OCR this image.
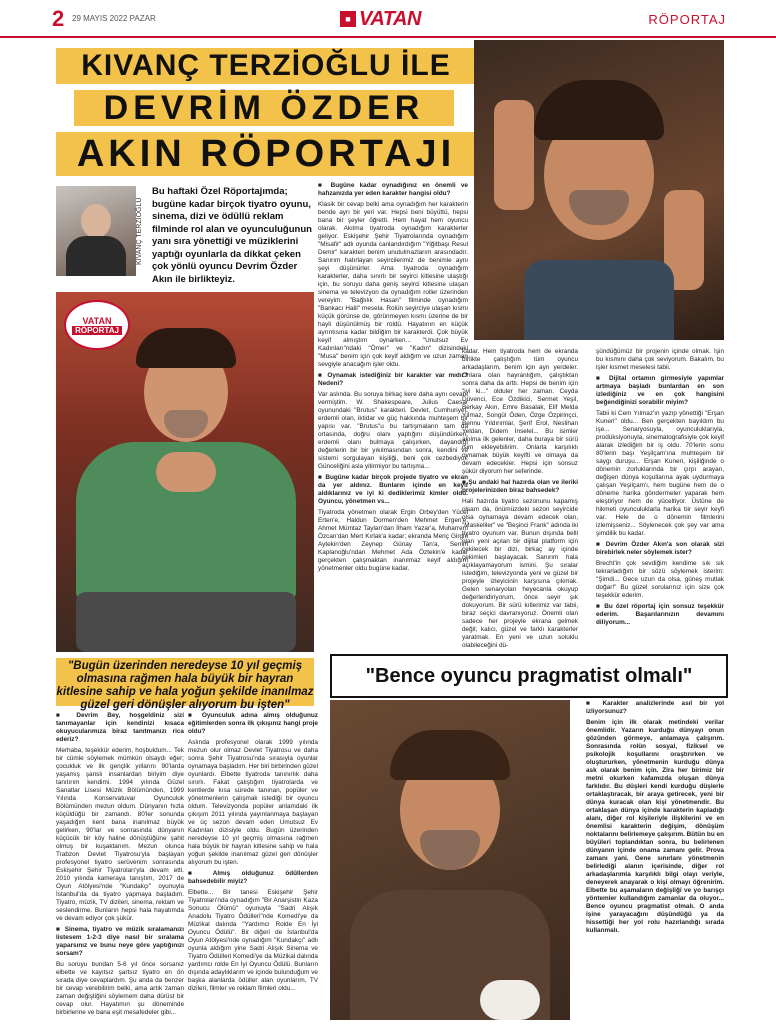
2 29 MAYIS 2022 PAZAR	■ VATAN	RÖPORTAJ
KIVANÇ TERZİOĞLU İLE
DEVRİM ÖZDER
AKIN RÖPORTAJI
KIVANÇ TERZİOĞLU
Bu haftaki Özel Röportajımda; bugüne kadar birçok tiyatro oyunu, sinema, dizi ve ödüllü reklam filminde rol alan ve oyunculuğunun yanı sıra yönettiği ve müziklerini yaptığı oyunlarla da dikkat çeken çok yönlü oyuncu Devrim Özder Akın ile birlikteyiz.
VATAN
RÖPORTAJ
"Bugün üzerinden neredeyse 10 yıl geçmiş olmasına rağmen hala büyük bir hayran kitlesine sahip ve hala yoğun şekilde inanılmaz güzel geri dönüşler alıyorum bu işten"
"Bence oyuncu pragmatist olmalı"

■ Bugüne kadar oynadığınız en önemli ve hafızanızda yer eden karakter hangisi oldu?

Klasik bir cevap belki ama oynadığım her karakterin bende ayrı bir yeri var. Hepsi beni büyüttü, hepsi bana bir şeyler öğretti. Hem hayat hem oyuncu olarak. Akılma tiyatroda oynadığım karakterler geliyor. Eskişehir Şehir Tiyatrolarında oynadığım "Misafir" adlı oyunda canlandırdığım "Yiğitbaşı Resul Demir" karakteri benim unutulmazlarım arasındadır. Sanırım hatırlayan seyircilerimiz de benimle aynı şeyi düşünürler. Ama tiyatroda oynadığım karakterler, daha sınırlı bir seyirci kitlesine ulaştığı için, bu soruyu daha geniş seyirci kitlesine ulaşan sinema ve televizyon da oynadığım roller üzerinden vereyim. "Bağlılık Hasan" filminde oynadığım "Bankacı Halil" mesela. Rolün seyirciye ulaşan kısmı küçük görünse de, görünmeyen kısmı üzerine de bir hayli düşünülmüş bir roldü. Hayatının en küçük ayrıntısına kadar bildiğim bir karakterdi. Çok büyük keyif almıştım oynarken... "Unutsuz Ev Kadınları"ndaki "Ömer" ve "Kadın" dizisindeki "Musa" benim için çok keyif aldığım ve uzun zaman sevgiyle anacağım işler oldu.

■ Oynamak istediğiniz bir karakter var mıdır? Nedeni?

Var aslında. Bu soruya birkaç kere daha aynı cevabı vermiştim. W. Shakespeare, Julius Caesar oyunundaki "Brutus" karakteri. Devlet, Cumhuriyet, erdemli olan, iktidar ve güç hakkında muhteşem bir yapısı var. "Brutus"u bu tartışmaların tam da ortasında, doğru olanı yaptığını düşündürken, erdemli olanı bulmaya çalışırken, dayandığı değerlerin bir bir yıkılmasından sonra, kendini ve sistemi sorgulayan kişiliği, beni çok cezbediyor. Günceliğini asla yitirmiyor bu tartışma...

■ Bugüne kadar birçok projede tiyatro ve ekran da yer aldınız. Bunların içinde en keyif aldıklarınız ve iyi ki dediklerimiz kimler oldu. Oyuncu, yönetmen vs...

Tiyatroda yönetmen olarak Ergin Orbey'den Yücel Erten'e, Haldun Dormen'den Mehmet Ergen'e, Ahmet Mümtaz Taylan'dan İlham Yazar'a, Muharrem Özcan'dan Mert Kırlak'a kadar; ekranda Meriç Girgin Aytekin'den Zeynep Günay Tan'a, Semih Kaplanoğlu'ndan Mehmet Ada Öztekin'e kadar gerçekten çalışmaktan inanılmaz keyif aldığım yönetmenler oldu bugüne kadar.

kadar. Hem tiyatroda hem de ekranda birlikte çalıştığım tüm oyuncu arkadaşlarım, benim için ayrı yerdeler. Onlara olan hayranlığım, çalıştıktan sonra daha da arttı. Hepsi de benim için "iyi ki..." olduler her zaman. Ceyda Düvenci, Ece Özdikici, Sermet Yeşil, Berkay Akın, Emre Basalak, Elif Melda Yılmaz, Songül Öden, Özge Özpirinçci, Bennu Yıldırımlar, Şerif Erol, Neslihan Yeldan, Didem İnselel... Bu isimler akılma ilk gelenler, daha buraya bir sürü isim ekleyebilirim. Onlarla karşılıklı oynamak büyük keyifti ve olmaya da devam edecekler. Hepsi için sonsuz şükür diyorum her seferinde.

■ Şu andaki hal hazırda olan ve ileriki projelerinizden biraz bahsedek?

Hali hazırda tiyatro sezonunu kapamış olsam da, önümüzdeki sezon seyircide olsa oynamaya devam edecek olan, "Maskeliler" ve "Beşinci Frank" adında iki tiyatro oyunum var. Bunun dışında belli olan yeni açılan bir dijital platform için çekilecek bir dizi, birkaç ay içinde çekimleri başlayacak. Sanırım hala açıklayamayorum ismini. Şu sıralar istediğim, televizyonda yeni ve güzel bir projeyle izleyicinin karşısına çıkmak. Gelen senaryoları heyecanla okuyup değerlendiriyorum, önce seyir şık dokuyorum. Bir sürü kıtlerimiz var tabii, biraz seçici davranıyoruz. Önemli olan sadece her projeyle ekrana gelmek değil; kalıcı, güzel ve farklı karakterler yaratmak. En yeni ve uzun soluklu olabileceğini dü-

şündüğümüz bir projenin içinde olmak. İşin bu kısmını daha çok seviyorum. Bakalım, bu işler kısmet meselesi tabii.

■ Dijital ortamın girmesiyle yapımlar artmaya başladı bunlardan en son izlediğiniz ve en çok hangisini beğendiğinizi sorabilir miyim?

Tabii ki Cem Yılmaz'ın yazıp yönettiği "Erşan Kuneri" oldu... Ben gerçekten bayıldım bu işe... Senaryosuyla, oyunculuklarıyla, prodüksiyonuyla, sinematografisiyle çok keyif alarak izlediğim bir iş oldu. 70'lerin sonu 80'lerin başı Yeşilçam'ına muhteşem bir saygı duruşu... Erşan Kuneri, kişiliğinde o dönemin zorluklarında bir çırpı arayan, değişen dünya koşullarına ayak uydurmaya çalışan Yeşilçam'ı, hem bugüne hem de o döneme harika göndermeler yaparak hem eleştiriyor hem de yüceltiyor. Üstüne de hikmeti oyunculuklarla harika bir seyir keyfi var. Hele de o dönemin filmlerini izlemişseniz... Söylenecek çok şey var ama şimdilik bu kadar.

■ Devrim Özder Akın'a son olarak sizi birebirlek neler söylemek ister?

Brecht'in çok sevdiğim kendime sık sık tekrarladığım bir sözü söylemek isterim: "Şimdi... Gece uzun da olsa, güneş mutlak doğar!" Bu güzel sorularınız için size çok teşekkür ederim.

■ Bu özel röportaj için sonsuz teşekkür ederim. Başarılarınızın devamını diliyorum...

■ Devrim Bey, hoşgeldiniz sizi tanımayanlar için kendinizi kısaca okuyucularımıza biraz tanıtmanızı rica ederiz?

Merhaba, teşekkür ederim, hoşbuldum... Tek bir cümle söylemek mümkün olsaydı eğer; çocukluk ve ilk gençlik yıllarını 90'larda yaşamış şanslı insanlardan biriyim diye tanıtırım kendimi. 1994 yılında Güzel Sanatlar Lisesi Müzik Bölümünden, 1999 Yılında Konservatuvar Oyunculuk Bölümünden mezun oldum. Dünyanın hızla küçüldüğü bir zamandı. 80'ler sonunda yaşadığım kent bana inanılmaz büyük gelirken, 90'lar ve sonrasında dünyanın küçücük bir köy haline dönüştüğüne şahit olmuş bir kuşaktanım. Mezun olunca Trabzon Devlet Tiyatrosu'yla başlayan profesyonel tiyatro serüvenim sonrasında Eskişehir Şehir Tiyatroları'yla devam etti. 2010 yılında kameraya tanıştım, 2017 de Oyun Atölyesi'nde "Kundakçı" oyunuyla İstanbul'da da tiyatro yapmaya başladım. Tiyatro, müzik, TV dizileri, sinema, reklam ve seslendirme. Bunların hepsi hala hayatımda ve devam ediyor çok şükür.

■ Sinema, tiyatro ve müzik sıralamanızı listesem 1-2-3 diye nasıl bir sıralama yaparsınız ve bunu neye göre yaptığınızı sorsam?

Bu soruyu bundan 5-6 yıl önce sorsanız elbette ve kayıtsız şartsız tiyatro en ön sırada diye cevaplardım. Şu anda da benzer bir cevap verebilirim belki, ama artık zaman zaman değiştiğini söylemem daha dürüst bir cevap olur. Hayatımın şu döneminde birbirlerine ve bana eşit mesafedeler gibi...

■ Oyunculuk adına almış olduğunuz eğitimlerden sonra ilk çıkışınız hangi proje oldu?

Aslında profesyonel olarak 1999 yılında mezun olur olmaz Devlet Tiyatrosu ve daha sonra Şehir Tiyatrosu'nda sırasıyla oyunlar oynamaya başladım. Her biri birbirinden güzel oyunlardı. Elbette tiyatroda tanınırlık daha sınırlı. Fakat çalıştığım tiyatrolarda ve kentlerde kısa sürede tanınan, popüler ve yönetmenlerin çalışmak istediği bir oyuncu oldum. Televizyonda popüler anlamdaki ilk çıkışım 2011 yılında yayınlanmaya başlayan ve üç sezon devam eden Umutsuz Ev Kadınları dizisiyle oldu. Bugün üzerinden neredeyse 10 yıl geçmiş olmasına rağmen hala büyük bir hayran kitlesine sahip ve hala yoğun şekilde inanılmaz güzel geri dönüşler alıyorum bu işten.

■ Almış olduğunuz ödüllerden bahsedebilir miyiz?

Elbette... Bir tanesi Eskişehir Şehir Tiyatroları'nda oynadığım "Bir Anarşistin Kaza Sonucu Ölümü" oyunuyla "Sadri Alışık Anadolu Tiyatro Ödülleri"nde Komedi'ye da Müzikal dalında "Yardımcı Rolde En İyi Oyuncu Ödülü". Bir diğeri de İstanbul'da Oyun Atölyesi'nde oynadığım "Kundakçı" adlı oyunla aldığım yine Sadri Alışık Sinema ve Tiyatro Ödülleri Komedi'ye da Müzikal dalında yardımcı rolde En İyi Oyuncu Ödülü. Bunların dışında adaylıklarım ve içinde bulunduğum ve başka alanlarda ödüller alan oyunlarım, TV dizileri, filmler ve reklam filmleri oldu...

■ Karakter analizlerinde asıl bir yol izliyorsunuz?

Benim için ilk olarak metindeki verilar önemlidir. Yazarın kurduğu dünyayı onun gözünden görmeye, anlamaya çalışırım. Sonrasında rolün sosyal, fiziksel ve psikolojik koşullarını oraştırırken ve oluştururken, yönetmenin kurduğu dünya ask olarak benim için. Zira her birimiz bir metni okurken kafamızda oluşan dünya farklıdır. Bu düşleri kendi kurduğu düşlerle ortaklaştıracak, bir araya getirecek, yeni bir dünya kuracak olan kişi yönetmendir. Bu ortaklaşan dünya içinde karakterin kapladığı alanı, diğer rol kişileriyle ilişkilerini ve en önemlisi karakterin değişim, dönüşüm noktalarını belirlemeye çalışırım. Bütün bu en büyüleri toplandıktan sonra, bu belirlenen dünyanın içinde onama zamanı gelir. Prova zamanı yani. Gene sınırlanı yönetmenin belirlediği alanın içerisinde, diğer rol arkadaşlarımla karşılıklı bilgi olayı veriyle, deneyerek anayarak o kişi olmayı öğrenirim. Elbette bu aşamaların değişliği ve yo barışçı yöntemler kullandığım zamanlar da oluyor... Bence oyuncu pragmatist olmalı. O anda işine yarayacağını düşündüğü ya da hissettiği her yol rolu hazırlandığı sırada kullanmalı.
